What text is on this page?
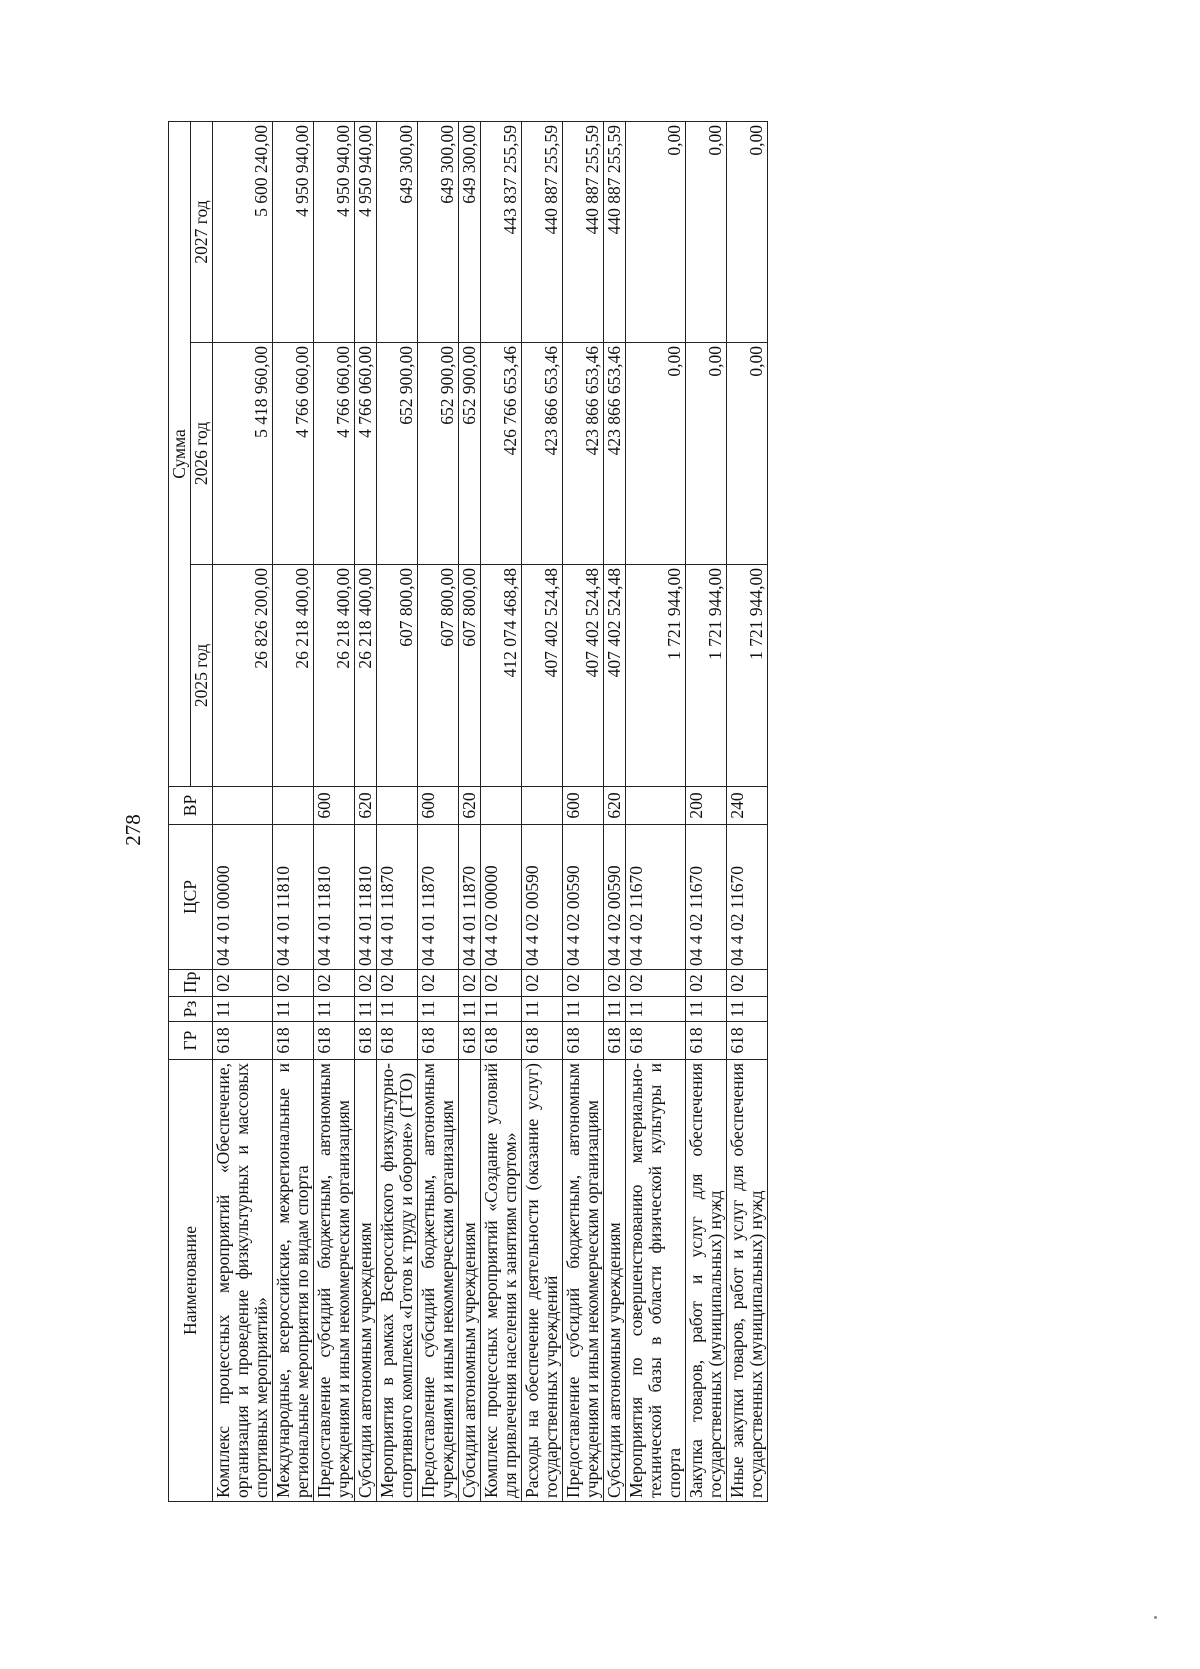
278
Наименование	ГР	Рз	Пр	ЦСР	ВР	Сумма		
						2025 год	2026 год	2027 год
Комплекс процессных мероприятий «Обеспечение, организация и проведение физкультурных и массовых спортивных мероприятий»	618	11	02	04 4 01 00000		26 826 200,00	5 418 960,00	5 600 240,00
Международные, всероссийские, межрегиональные и региональные мероприятия по видам спорта	618	11	02	04 4 01 11810		26 218 400,00	4 766 060,00	4 950 940,00
Предоставление субсидий бюджетным, автономным учреждениям и иным некоммерческим организациям	618	11	02	04 4 01 11810	600	26 218 400,00	4 766 060,00	4 950 940,00
Субсидии автономным учреждениям	618	11	02	04 4 01 11810	620	26 218 400,00	4 766 060,00	4 950 940,00
Мероприятия в рамках Всероссийского физкультурно-спортивного комплекса «Готов к труду и обороне» (ГТО)	618	11	02	04 4 01 11870		607 800,00	652 900,00	649 300,00
Предоставление субсидий бюджетным, автономным учреждениям и иным некоммерческим организациям	618	11	02	04 4 01 11870	600	607 800,00	652 900,00	649 300,00
Субсидии автономным учреждениям	618	11	02	04 4 01 11870	620	607 800,00	652 900,00	649 300,00
Комплекс процессных мероприятий «Создание условий для привлечения населения к занятиям спортом»	618	11	02	04 4 02 00000		412 074 468,48	426 766 653,46	443 837 255,59
Расходы на обеспечение деятельности (оказание услуг) государственных учреждений	618	11	02	04 4 02 00590		407 402 524,48	423 866 653,46	440 887 255,59
Предоставление субсидий бюджетным, автономным учреждениям и иным некоммерческим организациям	618	11	02	04 4 02 00590	600	407 402 524,48	423 866 653,46	440 887 255,59
Субсидии автономным учреждениям	618	11	02	04 4 02 00590	620	407 402 524,48	423 866 653,46	440 887 255,59
Мероприятия по совершенствованию материально-технической базы в области физической культуры и спорта	618	11	02	04 4 02 11670		1 721 944,00	0,00	0,00
Закупка товаров, работ и услуг для обеспечения государственных (муниципальных) нужд	618	11	02	04 4 02 11670	200	1 721 944,00	0,00	0,00
Иные закупки товаров, работ и услуг для обеспечения государственных (муниципальных) нужд	618	11	02	04 4 02 11670	240	1 721 944,00	0,00	0,00
